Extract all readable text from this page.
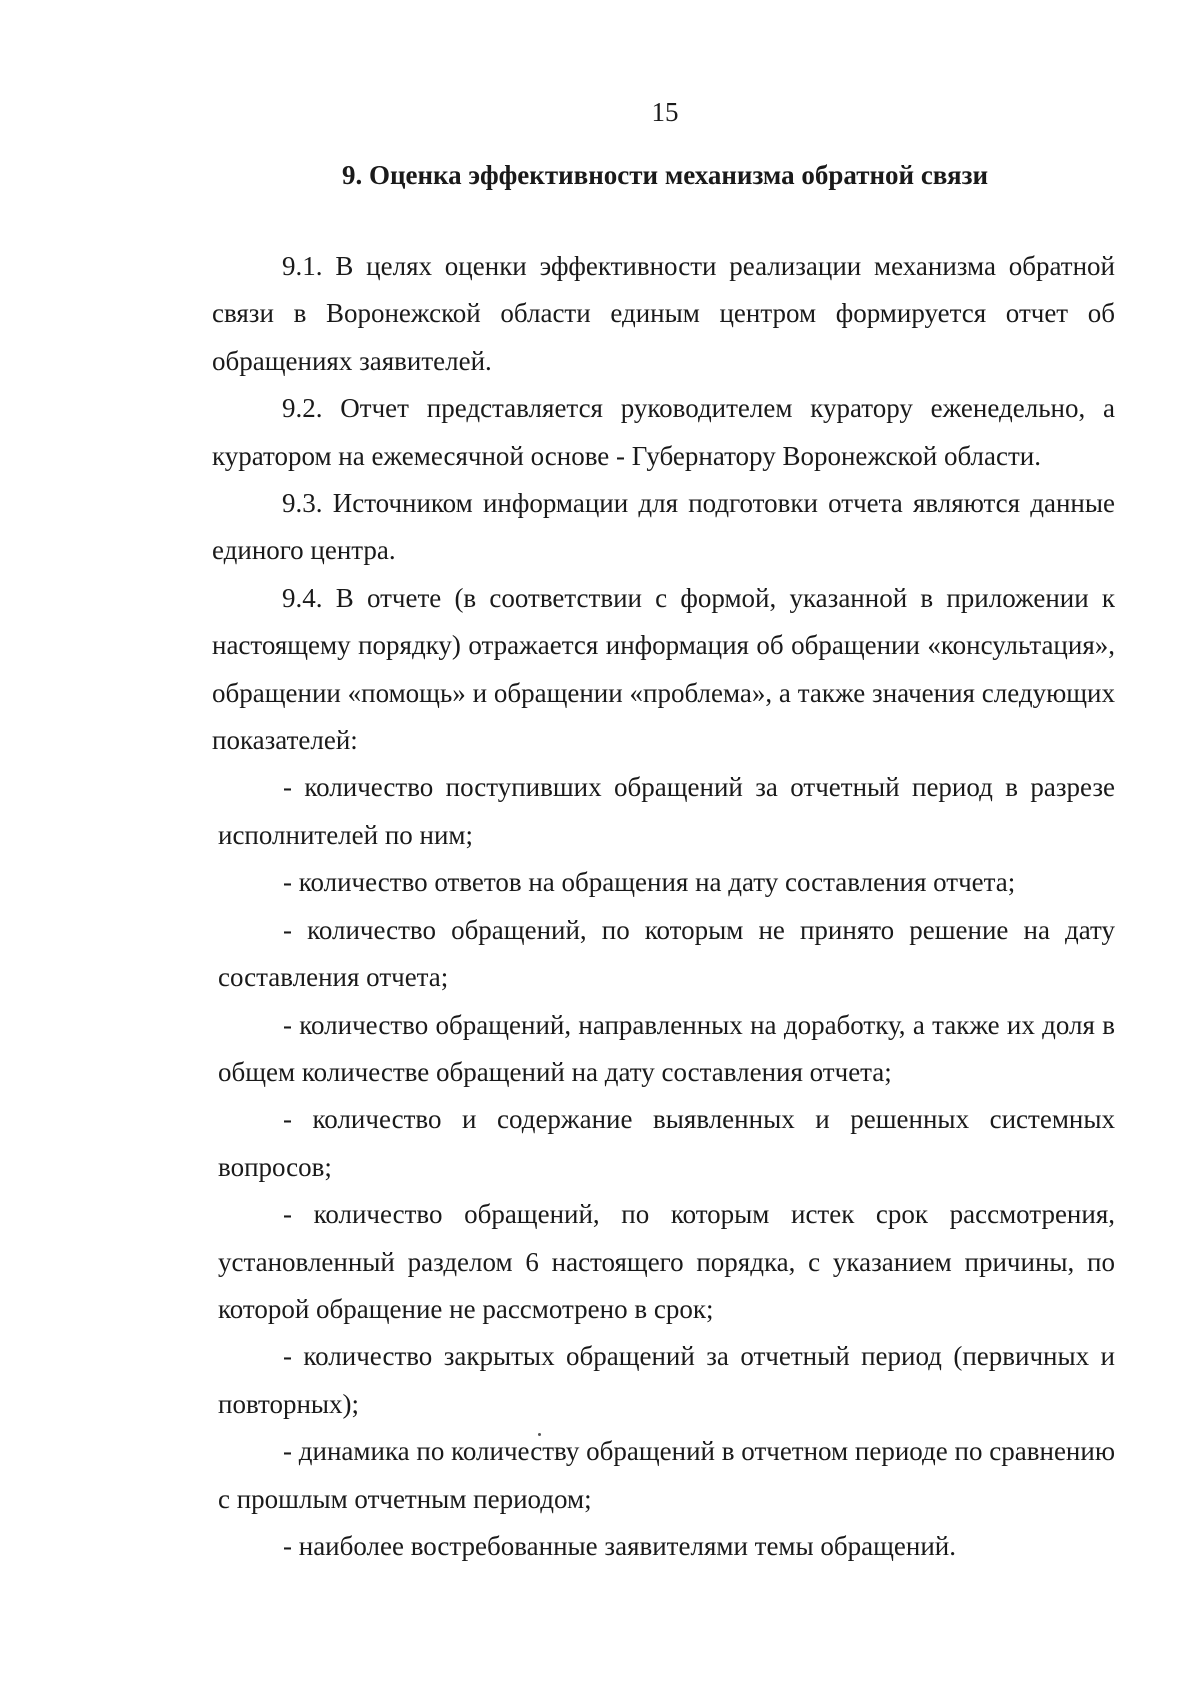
15
9. Оценка эффективности механизма обратной связи

9.1. В целях оценки эффективности реализации механизма обратной связи в Воронежской области единым центром формируется отчет об обращениях заявителей.

9.2. Отчет представляется руководителем куратору еженедельно, а куратором на ежемесячной основе - Губернатору Воронежской области.

9.3. Источником информации для подготовки отчета являются данные единого центра.

9.4. В отчете (в соответствии с формой, указанной в приложении к настоящему порядку) отражается информация об обращении «консультация», обращении «помощь» и обращении «проблема», а также значения следующих показателей:

- количество поступивших обращений за отчетный период в разрезе исполнителей по ним;

- количество ответов на обращения на дату составления отчета;

- количество обращений, по которым не принято решение на дату составления отчета;

- количество обращений, направленных на доработку, а также их доля в общем количестве обращений на дату составления отчета;

- количество и содержание выявленных и решенных системных вопросов;

- количество обращений, по которым истек срок рассмотрения, установленный разделом 6 настоящего порядка, с указанием причины, по которой обращение не рассмотрено в срок;

- количество закрытых обращений за отчетный период (первичных и повторных);

- динамика по количеству обращений в отчетном периоде по сравнению с прошлым отчетным периодом;

- наиболее востребованные заявителями темы обращений.
